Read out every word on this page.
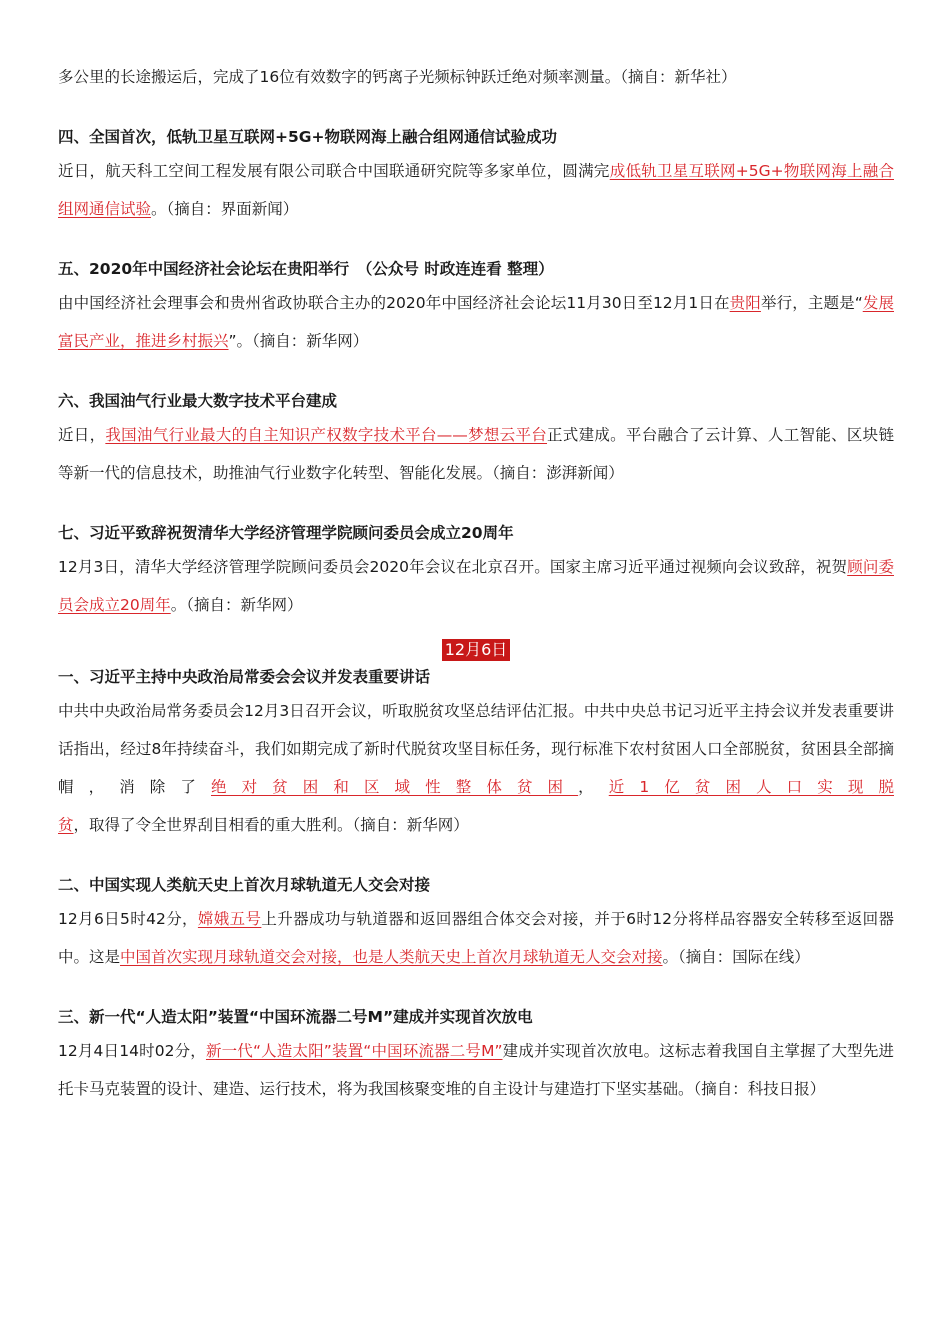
多公里的长途搬运后，完成了16位有效数字的钙离子光频标钟跃迁绝对频率测量。（摘自：新华社）

四、全国首次，低轨卫星互联网+5G+物联网海上融合组网通信试验成功

近日，航天科工空间工程发展有限公司联合中国联通研究院等多家单位，圆满完成低轨卫星互联网+5G+物联网海上融合组网通信试验。（摘自：界面新闻）

五、2020年中国经济社会论坛在贵阳举行　（公众号 时政连连看 整理）

由中国经济社会理事会和贵州省政协联合主办的2020年中国经济社会论坛11月30日至12月1日在贵阳举行，主题是“发展富民产业，推进乡村振兴”。（摘自：新华网）

六、我国油气行业最大数字技术平台建成

近日，我国油气行业最大的自主知识产权数字技术平台——梦想云平台正式建成。平台融合了云计算、人工智能、区块链等新一代的信息技术，助推油气行业数字化转型、智能化发展。（摘自：澎湃新闻）

七、习近平致辞祝贺清华大学经济管理学院顾问委员会成立20周年

12月3日，清华大学经济管理学院顾问委员会2020年会议在北京召开。国家主席习近平通过视频向会议致辞，祝贺顾问委员会成立20周年。（摘自：新华网）

12月6日

一、习近平主持中央政治局常委会会议并发表重要讲话

中共中央政治局常务委员会12月3日召开会议，听取脱贫攻坚总结评估汇报。中共中央总书记习近平主持会议并发表重要讲话指出，经过8年持续奋斗，我们如期完成了新时代脱贫攻坚目标任务，现行标准下农村贫困人口全部脱贫，贫困县全部摘帽，消除了绝对贫困和区域性整体贫困，近1亿贫困人口实现脱贫，取得了令全世界刮目相看的重大胜利。（摘自：新华网）

二、中国实现人类航天史上首次月球轨道无人交会对接

12月6日5时42分，嫦娥五号上升器成功与轨道器和返回器组合体交会对接，并于6时12分将样品容器安全转移至返回器中。这是中国首次实现月球轨道交会对接，也是人类航天史上首次月球轨道无人交会对接。（摘自：国际在线）

三、新一代“人造太阳”装置“中国环流器二号M”建成并实现首次放电

12月4日14时02分，新一代“人造太阳”装置“中国环流器二号M”建成并实现首次放电。这标志着我国自主掌握了大型先进托卡马克装置的设计、建造、运行技术，将为我国核聚变堆的自主设计与建造打下坚实基础。（摘自：科技日报）
